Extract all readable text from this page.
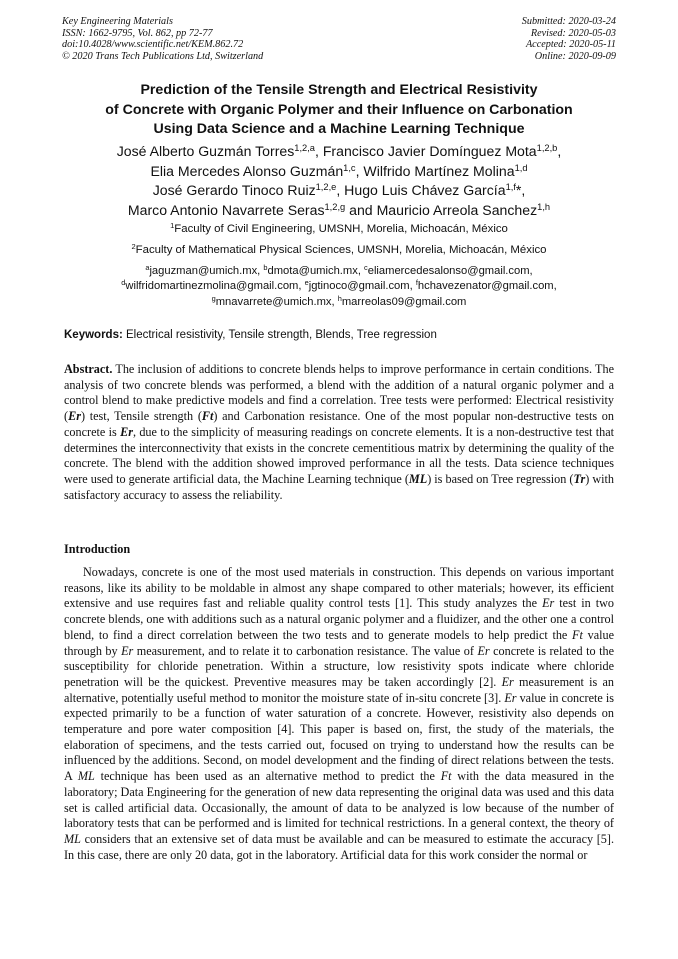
Key Engineering Materials
ISSN: 1662-9795, Vol. 862, pp 72-77
doi:10.4028/www.scientific.net/KEM.862.72
© 2020 Trans Tech Publications Ltd, Switzerland
Submitted: 2020-03-24
Revised: 2020-05-03
Accepted: 2020-05-11
Online: 2020-09-09
Prediction of the Tensile Strength and Electrical Resistivity
of Concrete with Organic Polymer and their Influence on Carbonation
Using Data Science and a Machine Learning Technique
José Alberto Guzmán Torres$^{1,2,a}$, Francisco Javier Domínguez Mota$^{1,2,b}$,
Elia Mercedes Alonso Guzmán$^{1,c}$, Wilfrido Martínez Molina$^{1,d}$
José Gerardo Tinoco Ruiz$^{1,2,e}$, Hugo Luis Chávez García$^{1,f}$*,
Marco Antonio Navarrete Seras$^{1,2,g}$ and Mauricio Arreola Sanchez$^{1,h}$
$^1$Faculty of Civil Engineering, UMSNH, Morelia, Michoacán, México
$^2$Faculty of Mathematical Physical Sciences, UMSNH, Morelia, Michoacán, México
$^a$jaguzman@umich.mx, $^b$dmota@umich.mx, $^c$eliamercedesalonso@gmail.com,
$^d$wilfridomartinezmolina@gmail.com, $^e$jgtinoco@gmail.com, $^f$hchavezenator@gmail.com,
$^g$mnavarrete@umich.mx, $^h$marreolas09@gmail.com
Keywords: Electrical resistivity, Tensile strength, Blends, Tree regression
Abstract. The inclusion of additions to concrete blends helps to improve performance in certain conditions. The analysis of two concrete blends was performed, a blend with the addition of a natural organic polymer and a control blend to make predictive models and find a correlation. Tree tests were performed: Electrical resistivity (Er) test, Tensile strength (Ft) and Carbonation resistance. One of the most popular non-destructive tests on concrete is Er, due to the simplicity of measuring readings on concrete elements. It is a non-destructive test that determines the interconnectivity that exists in the concrete cementitious matrix by determining the quality of the concrete. The blend with the addition showed improved performance in all the tests. Data science techniques were used to generate artificial data, the Machine Learning technique (ML) is based on Tree regression (Tr) with satisfactory accuracy to assess the reliability.
Introduction
Nowadays, concrete is one of the most used materials in construction. This depends on various important reasons, like its ability to be moldable in almost any shape compared to other materials; however, its efficient extensive and use requires fast and reliable quality control tests [1]. This study analyzes the Er test in two concrete blends, one with additions such as a natural organic polymer and a fluidizer, and the other one a control blend, to find a direct correlation between the two tests and to generate models to help predict the Ft value through by Er measurement, and to relate it to carbonation resistance. The value of Er concrete is related to the susceptibility for chloride penetration. Within a structure, low resistivity spots indicate where chloride penetration will be the quickest. Preventive measures may be taken accordingly [2]. Er measurement is an alternative, potentially useful method to monitor the moisture state of in-situ concrete [3]. Er value in concrete is expected primarily to be a function of water saturation of a concrete. However, resistivity also depends on temperature and pore water composition [4]. This paper is based on, first, the study of the materials, the elaboration of specimens, and the tests carried out, focused on trying to understand how the results can be influenced by the additions. Second, on model development and the finding of direct relations between the tests. A ML technique has been used as an alternative method to predict the Ft with the data measured in the laboratory; Data Engineering for the generation of new data representing the original data was used and this data set is called artificial data. Occasionally, the amount of data to be analyzed is low because of the number of laboratory tests that can be performed and is limited for technical restrictions. In a general context, the theory of ML considers that an extensive set of data must be available and can be measured to estimate the accuracy [5]. In this case, there are only 20 data, got in the laboratory. Artificial data for this work consider the normal or
